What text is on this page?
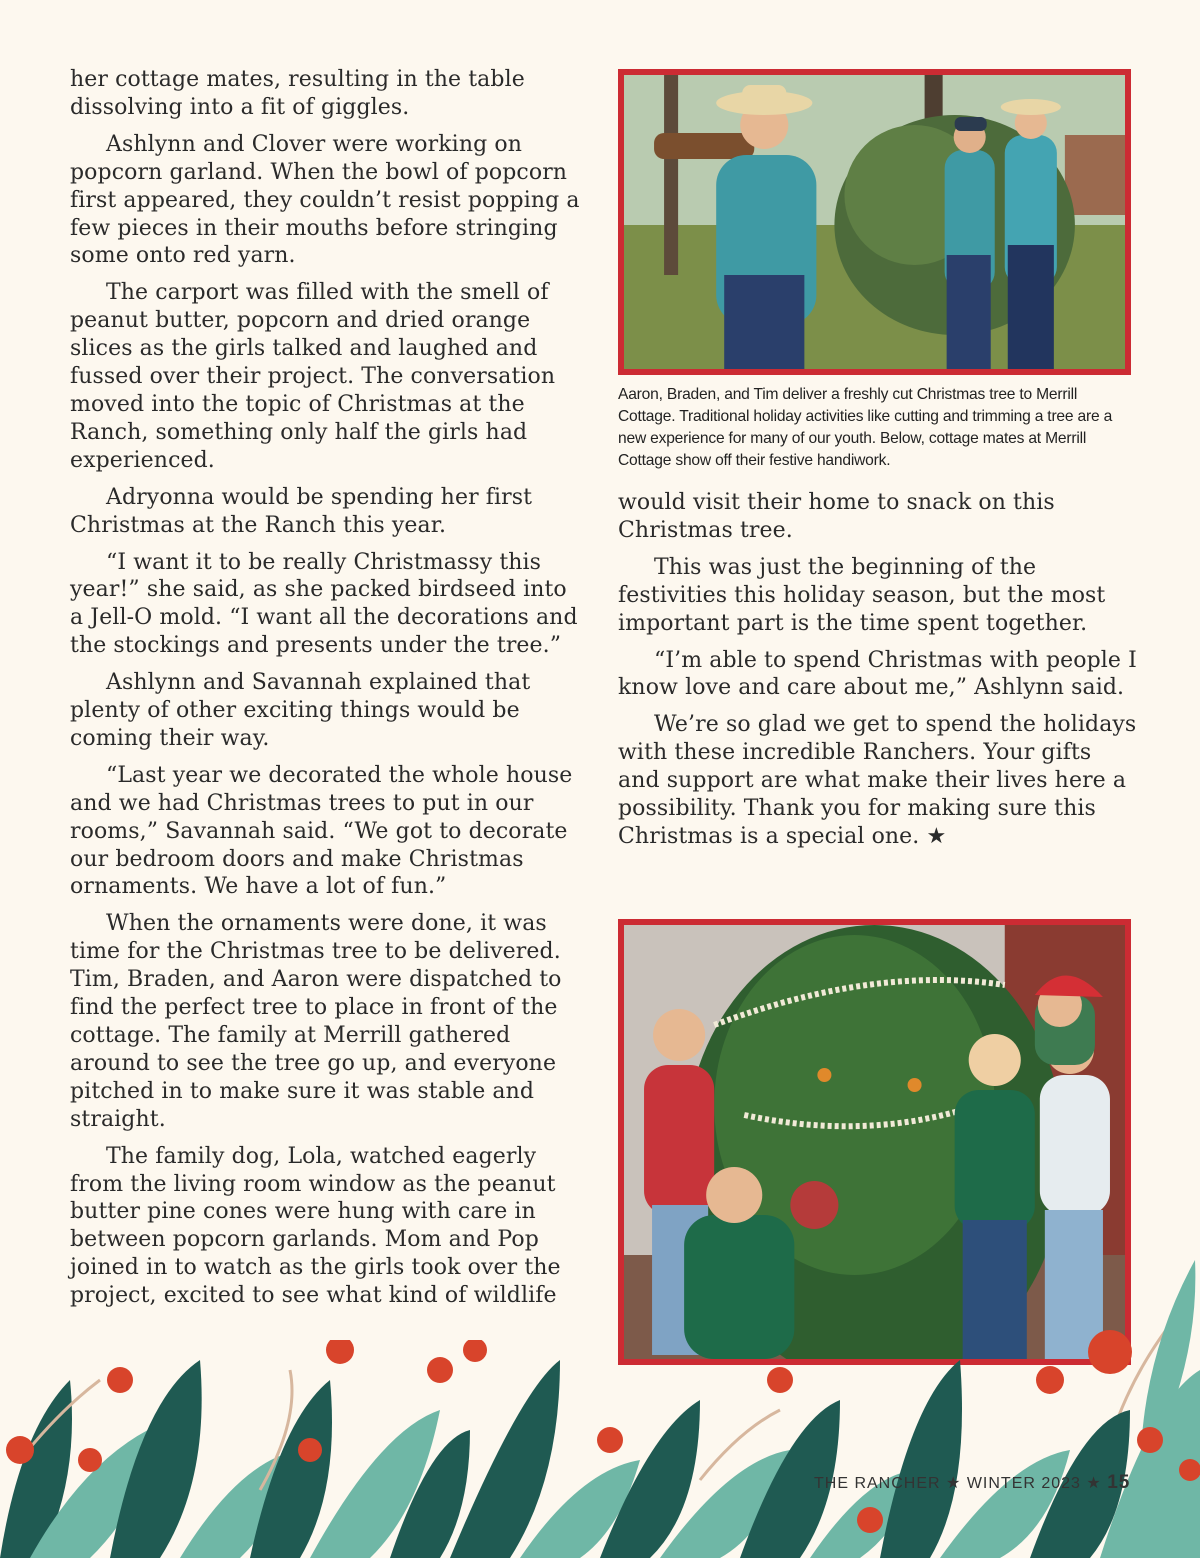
her cottage mates, resulting in the table dissolving into a fit of giggles.

Ashlynn and Clover were working on popcorn garland. When the bowl of popcorn first appeared, they couldn’t resist popping a few pieces in their mouths before stringing some onto red yarn.

The carport was filled with the smell of peanut butter, popcorn and dried orange slices as the girls talked and laughed and fussed over their project. The conversation moved into the topic of Christmas at the Ranch, something only half the girls had experienced.

Adryonna would be spending her first Christmas at the Ranch this year.

“I want it to be really Christmassy this year!” she said, as she packed birdseed into a Jell-O mold. “I want all the decorations and the stockings and presents under the tree.”

Ashlynn and Savannah explained that plenty of other exciting things would be coming their way.

“Last year we decorated the whole house and we had Christmas trees to put in our rooms,” Savannah said. “We got to decorate our bedroom doors and make Christmas ornaments. We have a lot of fun.”

When the ornaments were done, it was time for the Christmas tree to be delivered. Tim, Braden, and Aaron were dispatched to find the perfect tree to place in front of the cottage. The family at Merrill gathered around to see the tree go up, and everyone pitched in to make sure it was stable and straight.

The family dog, Lola, watched eagerly from the living room window as the peanut butter pine cones were hung with care in between popcorn garlands. Mom and Pop joined in to watch as the girls took over the project, excited to see what kind of wildlife

Aaron, Braden, and Tim deliver a freshly cut Christmas tree to Merrill Cottage. Traditional holiday activities like cutting and trimming a tree are a new experience for many of our youth. Below, cottage mates at Merrill Cottage show off their festive handiwork.

would visit their home to snack on this Christmas tree.

This was just the beginning of the festivities this holiday season, but the most important part is the time spent together.

“I’m able to spend Christmas with people I know love and care about me,” Ashlynn said.

We’re so glad we get to spend the holidays with these incredible Ranchers. Your gifts and support are what make their lives here a possibility. Thank you for making sure this Christmas is a special one. ★

THE RANCHER ★ WINTER 2023 ★ 15
